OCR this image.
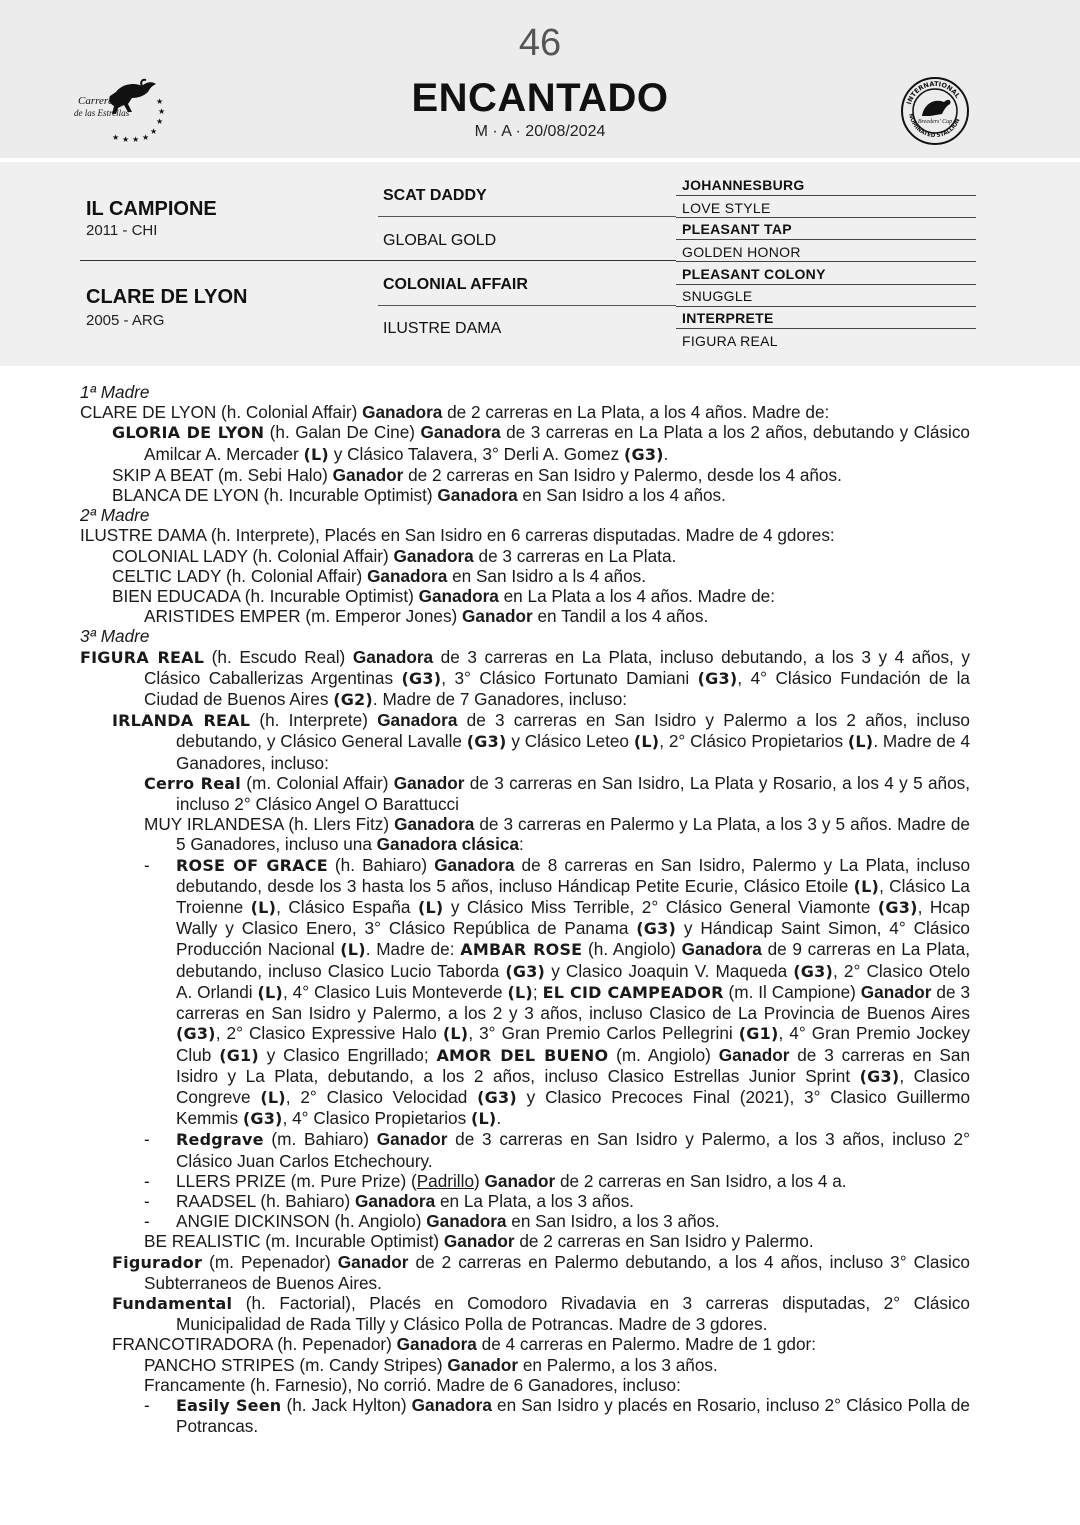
46
ENCANTADO
M · A · 20/08/2024
Carreras
de las Estrellas
★ ★ ★ ★
★
★
★
★	INTERNATIONAL
NOMINATED STALLION
Breeders' Cup
IL CAMPIONE
2011 - CHI
CLARE DE LYON
2005 - ARG
SCAT DADDY
GLOBAL GOLD
COLONIAL AFFAIR
ILUSTRE DAMA
JOHANNESBURG
LOVE STYLE
PLEASANT TAP
GOLDEN HONOR
PLEASANT COLONY
SNUGGLE
INTERPRETE
FIGURA REAL

1ª Madre

CLARE DE LYON (h. Colonial Affair) Ganadora de 2 carreras en La Plata, a los 4 años. Madre de:

GLORIA DE LYON (h. Galan De Cine) Ganadora de 3 carreras en La Plata a los 2 años, debutando y Clásico Amilcar A. Mercader (L) y Clásico Talavera, 3° Derli A. Gomez (G3).

SKIP A BEAT (m. Sebi Halo) Ganador de 2 carreras en San Isidro y Palermo, desde los 4 años.

BLANCA DE LYON (h. Incurable Optimist) Ganadora en San Isidro a los 4 años.

2ª Madre

ILUSTRE DAMA (h. Interprete), Placés en San Isidro en 6 carreras disputadas. Madre de 4 gdores:

COLONIAL LADY (h. Colonial Affair) Ganadora de 3 carreras en La Plata.

CELTIC LADY (h. Colonial Affair) Ganadora en San Isidro a ls 4 años.

BIEN EDUCADA (h. Incurable Optimist) Ganadora en La Plata a los 4 años. Madre de:

ARISTIDES EMPER (m. Emperor Jones) Ganador en Tandil a los 4 años.

3ª Madre

FIGURA REAL (h. Escudo Real) Ganadora de 3 carreras en La Plata, incluso debutando, a los 3 y 4 años, y Clásico Caballerizas Argentinas (G3), 3° Clásico Fortunato Damiani (G3), 4° Clásico Fundación de la Ciudad de Buenos Aires (G2). Madre de 7 Ganadores, incluso:

IRLANDA REAL (h. Interprete) Ganadora de 3 carreras en San Isidro y Palermo a los 2 años, incluso debutando, y Clásico General Lavalle (G3) y Clásico Leteo (L), 2° Clásico Propietarios (L). Madre de 4 Ganadores, incluso:

Cerro Real (m. Colonial Affair) Ganador de 3 carreras en San Isidro, La Plata y Rosario, a los 4 y 5 años, incluso 2° Clásico Angel O Barattucci

MUY IRLANDESA (h. Llers Fitz) Ganadora de 3 carreras en Palermo y La Plata, a los 3 y 5 años. Madre de 5 Ganadores, incluso una Ganadora clásica:

- ROSE OF GRACE (h. Bahiaro) Ganadora de 8 carreras en San Isidro, Palermo y La Plata, incluso debutando, desde los 3 hasta los 5 años, incluso Hándicap Petite Ecurie, Clásico Etoile (L), Clásico La Troienne (L), Clásico España (L) y Clásico Miss Terrible, 2° Clásico General Viamonte (G3), Hcap Wally y Clasico Enero, 3° Clásico República de Panama (G3) y Hándicap Saint Simon, 4° Clásico Producción Nacional (L). Madre de: AMBAR ROSE (h. Angiolo) Ganadora de 9 carreras en La Plata, debutando, incluso Clasico Lucio Taborda (G3) y Clasico Joaquin V. Maqueda (G3), 2° Clasico Otelo A. Orlandi (L), 4° Clasico Luis Monteverde (L); EL CID CAMPEADOR (m. Il Campione) Ganador de 3 carreras en San Isidro y Palermo, a los 2 y 3 años, incluso Clasico de La Provincia de Buenos Aires (G3), 2° Clasico Expressive Halo (L), 3° Gran Premio Carlos Pellegrini (G1), 4° Gran Premio Jockey Club (G1) y Clasico Engrillado; AMOR DEL BUENO (m. Angiolo) Ganador de 3 carreras en San Isidro y La Plata, debutando, a los 2 años, incluso Clasico Estrellas Junior Sprint (G3), Clasico Congreve (L), 2° Clasico Velocidad (G3) y Clasico Precoces Final (2021), 3° Clasico Guillermo Kemmis (G3), 4° Clasico Propietarios (L).

- Redgrave (m. Bahiaro) Ganador de 3 carreras en San Isidro y Palermo, a los 3 años, incluso 2° Clásico Juan Carlos Etchechoury.

- LLERS PRIZE (m. Pure Prize) (Padrillo) Ganador de 2 carreras en San Isidro, a los 4 a.

- RAADSEL (h. Bahiaro) Ganadora en La Plata, a los 3 años.

- ANGIE DICKINSON (h. Angiolo) Ganadora en San Isidro, a los 3 años.

BE REALISTIC (m. Incurable Optimist) Ganador de 2 carreras en San Isidro y Palermo.

Figurador (m. Pepenador) Ganador de 2 carreras en Palermo debutando, a los 4 años, incluso 3° Clasico Subterraneos de Buenos Aires.

Fundamental (h. Factorial), Placés en Comodoro Rivadavia en 3 carreras disputadas, 2° Clásico Municipalidad de Rada Tilly y Clásico Polla de Potrancas. Madre de 3 gdores.

FRANCOTIRADORA (h. Pepenador) Ganadora de 4 carreras en Palermo. Madre de 1 gdor:

PANCHO STRIPES (m. Candy Stripes) Ganador en Palermo, a los 3 años.

Francamente (h. Farnesio), No corrió. Madre de 6 Ganadores, incluso:

- Easily Seen (h. Jack Hylton) Ganadora en San Isidro y placés en Rosario, incluso 2° Clásico Polla de Potrancas.
